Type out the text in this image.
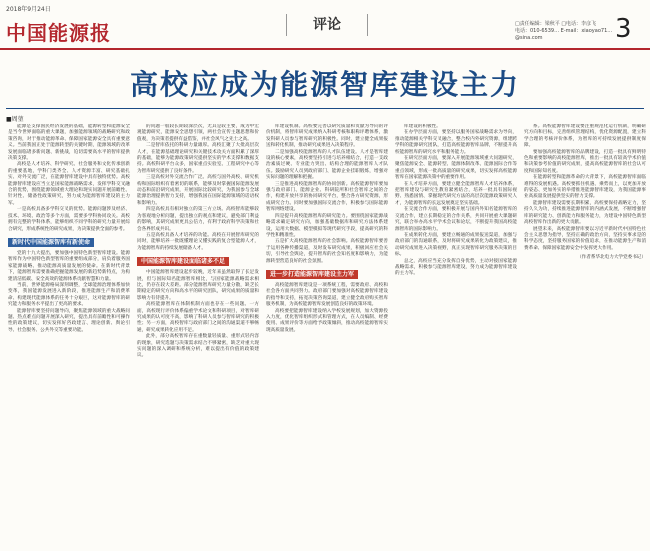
2018年9月24日
中国能源报	评论	□责任编辑：梁秋平 □电话：李彦飞
电话：010-6539… E-mail：xiaoyao71…@sina.com	3
高校应成为能源智库建设主力
■周堃

能源是支撑国民经济发展的基础，能源转型和能源安全是当今世界面临的重大课题，加强能源领域的战略研究和政策咨询，对于推动能源革命、保障国家能源安全具有重要意义。当前我国正处于能源转型的关键时期，能源领域的改革发展面临诸多新问题、新挑战，迫切需要高水平的智库提供决策支撑。

高校是人才培养、科学研究、社会服务和文化传承创新的重要基地，学科门类齐全、人才资源丰富、研究基础扎实、对外交流广泛，在能源智库建设中具有独特优势。高校能源智库建设应当立足国家能源战略需求，发挥学科交叉融合的优势，围绕能源领域重大理论和现实问题开展前瞻性、针对性、储备性政策研究，努力成为能源智库建设的主力军。

一是高校具备多学科交叉的优势。能源问题涉及经济、技术、环境、政治等多个方面，需要多学科协同攻关。高校拥有完整的学科体系，能够组织不同学科的研究力量开展综合研究，形成系统性的研究成果，为决策提供全面的参考。

新时代中国能源智库有新使命

党的十九大提出，要加强中国特色新型智库建设。能源智库作为中国特色新型智库的重要组成部分，肩负着服务国家能源战略、推动能源高质量发展的使命。在新时代背景下，能源智库需要准确把握能源发展的新趋势新特点，为构建清洁低碳、安全高效的能源体系贡献智慧和力量。

当前，世界能源格局深刻调整，全球能源治理体系加快变革，我国能源发展进入新阶段，推进能源生产和消费革命、构建现代能源体系的任务十分艰巨，这对能源智库的研究能力和服务水平提出了更高的要求。

能源智库要坚持问题导向，聚焦能源领域的重大战略问题、热点难点问题开展深入研究，提出具有前瞻性和可操作性的政策建议，切实发挥好咨政建言、理论创新、舆论引导、社会服务、公共外交等重要功能。

的问题一般较长期较深层次，尤其是较主要，成为中宏观能源研究，能源安全思想引领，两社会宣传主题思想和价值观，为决策者提供有益借鉴，并社会风气之先士之高。

二是智库依托的科研力量雄厚。高校汇聚了大批高层次人才，在能源基础理论研究和关键技术攻关方面积累了深厚的基础，能够为能源政策研究提供坚实的学术支撑和数据支持。高校科研平台众多，国家重点实验室、工程研究中心等为智库研究提供了良好条件。

三是高校对外交流合作广泛。高校与国外高校、研究机构和国际组织有着密切的联系，能够及时掌握国际能源发展动态和前沿研究成果，开展国际比较研究，为我国参与全球能源治理提供智力支持，增强我国在国际能源领域的话语权和影响力。

四是高校具有相对独立的第三方立场。高校智库能够较为客观地分析问题，提出独立的观点和建议，避免部门利益的影响，其研究成果更具公信力，有利于政府科学决策和社会各界形成共识。

五是高校具备人才培养的功能。高校在开展智库研究的同时，能够培养一批既懂理论又懂实践的复合型能源人才，为能源智库的持续发展储备人才。

中国能源智库建设面临诸多不足

中国能源智库建设起步较晚，近年来虽然取得了长足发展，但与国际知名能源智库相比，与国家能源战略需求相比，仍存在较大差距。部分能源智库研究力量分散，缺乏长期稳定的研究方向和高水平的研究团队，研究成果的质量和影响力有待提升。

高校能源智库在体制机制方面也存在一些问题。一方面，高校现行评价体系偏重学术论文和科研项目，对智库研究成果的认可度不高，影响了科研人员参与智库研究的积极性；另一方面，高校智库与政府部门之间的沟通渠道不够畅通，研究成果转化应用不足。

此外，部分高校智库存在重数量轻质量、重形式轻内容的现象，研究选题与决策需求结合不够紧密，缺乏对重大现实问题的深入调研和系统分析，难以提出有价值的政策建议。

库建设机制。高校要完善以研究质量和贡献为导向的评价机制，将智库研究成果纳入科研考核和职称评聘体系，激发科研人员参与智库研究的积极性。同时，建立健全成果报送和转化机制，推动研究成果进入决策程序。

二是加强高校能源智库的人才队伍建设。人才是智库建设的核心要素，高校要坚持引进与培养相结合，打造一支政治素质过硬、专业能力突出、结构合理的能源智库人才队伍。鼓励研究人员到政府部门、能源企业挂职锻炼，增强对实际问题的理解和把握。

三是推进高校能源智库的协同创新。高校能源智库要加强与政府部门、能源企业、科研院所和社会智库之间的合作，构建开放共享的协同研究平台，整合各方研究资源，形成研究合力。同时要加强国际交流合作，积极参与国际能源智库网络建设。

四是提升高校能源智库的研究能力。要围绕国家能源战略需求确定研究方向，加强基础数据库和研究方法体系建设，运用大数据、模型模拟等现代研究手段，提高研究的科学性和精准性。

五是扩大高校能源智库的社会影响。高校能源智库要善于运用各种传播渠道，及时发布研究成果，积极回应社会关切，引导社会舆论，提升智库的社会知名度和影响力，为能源转型营造良好的社会氛围。

进一步打造能源智库建设主力军

高校能源智库建设是一项系统工程，需要政府、高校和社会各方面共同努力。政府部门要加强对高校能源智库建设的指导和支持，拓宽决策咨询渠道，建立健全政府购买智库服务机制，为高校能源智库发展创造良好的政策环境。

高校要把能源智库建设纳入学校发展规划，加大资源投入力度，优化智库组织形式和管理方式，在人员编制、经费使用、成果评价等方面给予政策倾斜，推动高校能源智库实现高质量发展。

库建设的积极性。

在办学层面方面，要坚持以服务国家战略需求为导向，推动能源相关学科交叉融合，整合校内外研究资源，组建跨学科的能源研究团队，打造高校能源智库品牌，不断提升高校能源智库的研究水平和服务能力。

在研究层面方面，要深入开展能源领域重大问题研究，聚焦能源安全、能源转型、能源体制改革、能源国际合作等重点领域，形成一批高质量的研究成果，切实发挥高校能源智库在国家能源决策中的重要作用。

在人才培养方面，要建立健全能源智库人才培养体系，把智库建设与研究生教育紧密结合，培养一批具有国际视野、熟悉国情、掌握现代研究方法的高层次能源政策研究人才，为能源智库的长远发展奠定坚实基础。

在交流合作方面，要积极开展与国内外知名能源智库的交流合作，建立长期稳定的合作关系，共同开展重大课题研究，联合举办高水平学术会议和论坛，不断提升我国高校能源智库的国际影响力。

在成果转化方面，要建立畅通的成果报送渠道，加强与政府部门的沟通联系，及时将研究成果转化为政策建议，推动研究成果进入决策视野，真正实现智库研究服务决策的目标。

总之，高校应当充分发挥自身优势，主动对接国家能源战略需求，积极参与能源智库建设，努力成为能源智库建设的主力军。

系。高校能源智库建设要注重规范化运行机制，明确研究方向和目标，完善组织管理结构，优化资源配置，建立科学合理的考核评价体系，为智库的可持续发展提供制度保障。

要加强高校能源智库的品牌建设，打造一批具有鲜明特色和重要影响的高校能源智库，推出一批具有较高学术价值和决策参考价值的研究成果，提高高校能源智库的社会认可度和国际知名度。

在能源转型和能源革命的大背景下，高校能源智库面临难得的发展机遇。高校要抓住机遇、乘势而上，以更加开放的姿态、更加务实的举措推进能源智库建设，为我国能源事业高质量发展提供坚实的智力支撑。

能源智库建设需要长期积累，高校要保持战略定力，坚持久久为功，持续推进能源智库的内涵式发展，不断增强智库的研究能力、创新能力和服务能力，为建设中国特色新型高校智库作出新的更大贡献。

展望未来，高校能源智库要以习近平新时代中国特色社会主义思想为指导，坚持正确的政治方向，坚持实事求是的科学态度，坚持服务国家的价值追求，在推动能源生产和消费革命、保障国家能源安全中发挥更大作用。

（作者系华北电力大学党委书记）
